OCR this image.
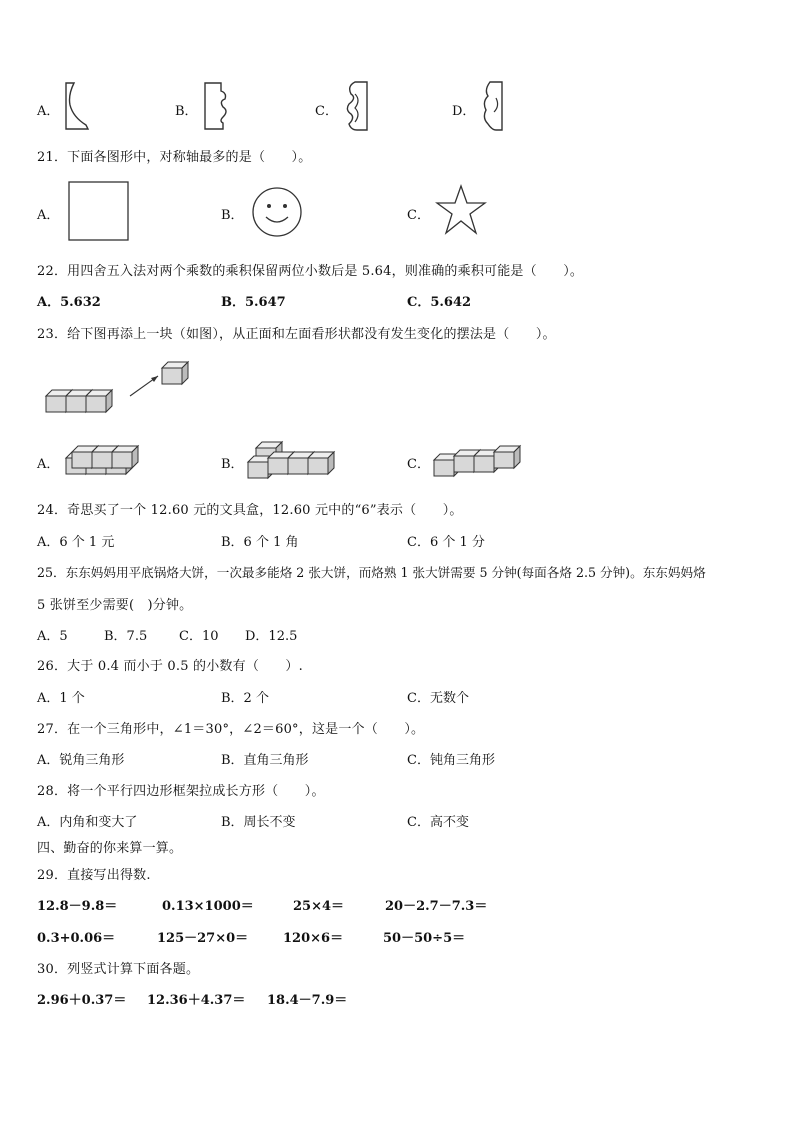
A．	B．	C．	D．
21．下面各图形中，对称轴最多的是（　　）。
A．	B．	C．
22．用四舍五入法对两个乘数的乘积保留两位小数后是 5.64，则准确的乘积可能是（　　）。
A．5.632	B．5.647	C．5.642
23．给下图再添上一块（如图），从正面和左面看形状都没有发生变化的摆法是（　　）。
A．	B．	C．
24．奇思买了一个 12.60 元的文具盒，12.60 元中的“6”表示（　　）。
A．6 个 1 元	B．6 个 1 角	C．6 个 1 分
25．东东妈妈用平底锅烙大饼，一次最多能烙 2 张大饼，而烙熟 1 张大饼需要 5 分钟(每面各烙 2.5 分钟)。东东妈妈烙
5 张饼至少需要(　)分钟。
A．5	B．7.5 C．10 D．12.5
26．大于 0.4 而小于 0.5 的小数有（　　）.
A．1 个	B．2 个	C．无数个
27．在一个三角形中，∠1＝30°，∠2＝60°，这是一个（　　）。
A．锐角三角形	B．直角三角形	C．钝角三角形
28．将一个平行四边形框架拉成长方形（　　）。
A．内角和变大了	B．周长不变	C．高不变
四、勤奋的你来算一算。
29．直接写出得数.
12.8－9.8＝	0.13×1000＝	25×4＝	20－2.7－7.3＝
0.3+0.06＝	125－27×0＝	120×6＝	50－50÷5＝
30．列竖式计算下面各题。
2.96＋0.37＝ 12.36＋4.37＝ 18.4－7.9＝
